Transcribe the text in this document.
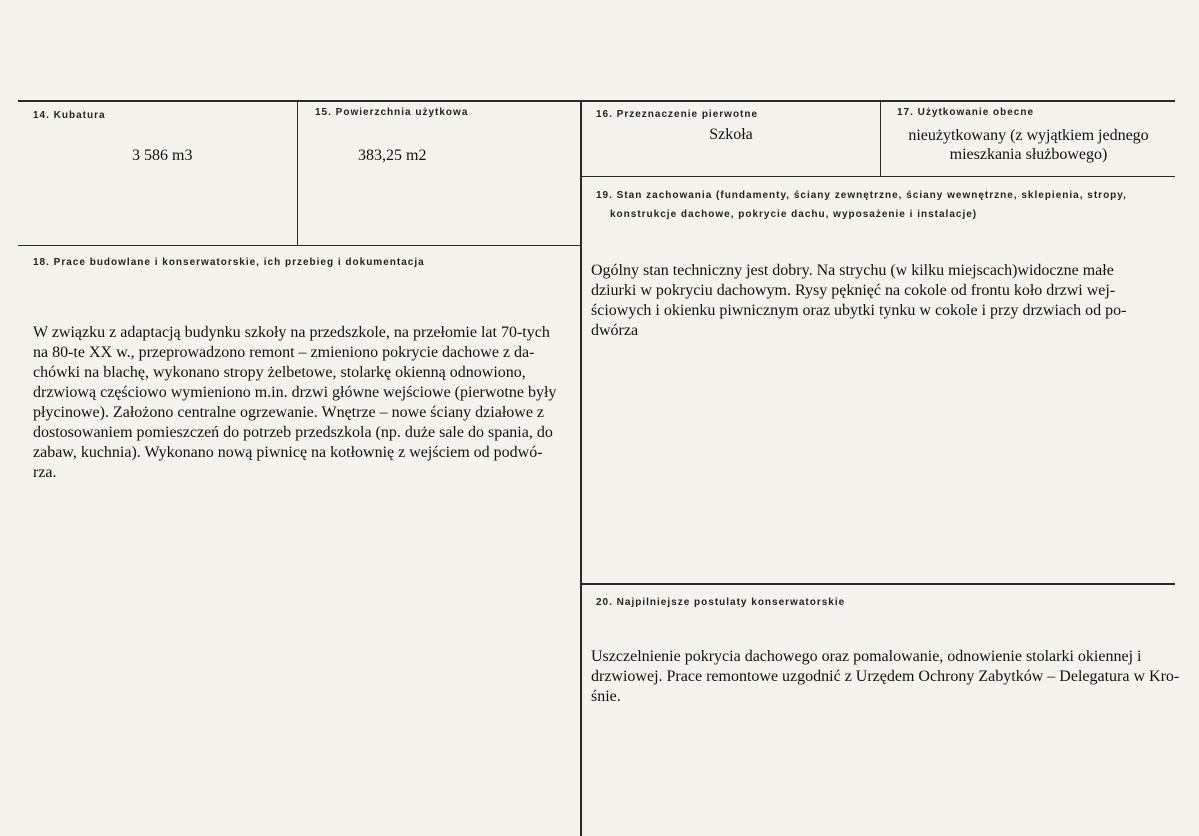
14. Kubatura
3 586 m3
15. Powierzchnia użytkowa
383,25 m2
16. Przeznaczenie pierwotne
Szkoła
17. Użytkowanie obecne
nieużytkowany (z wyjątkiem jednego
mieszkania służbowego)
19. Stan zachowania (fundamenty, ściany zewnętrzne, ściany wewnętrzne, sklepienia, stropy,
konstrukcje dachowe, pokrycie dachu, wyposażenie i instalacje)
18. Prace budowlane i konserwatorskie, ich przebieg i dokumentacja
W związku z adaptacją budynku szkoły na przedszkole, na przełomie lat 70-tych
na 80-te XX w., przeprowadzono remont – zmieniono pokrycie dachowe z da-
chówki na blachę, wykonano stropy żelbetowe, stolarkę okienną odnowiono,
drzwiową częściowo wymieniono m.in. drzwi główne wejściowe (pierwotne były
płycinowe). Założono centralne ogrzewanie. Wnętrze – nowe ściany działowe z
dostosowaniem pomieszczeń do potrzeb przedszkola (np. duże sale do spania, do
zabaw, kuchnia). Wykonano nową piwnicę na kotłownię z wejściem od podwó-
rza.
Ogólny stan techniczny jest dobry. Na strychu (w kilku miejscach)widoczne małe
dziurki w pokryciu dachowym. Rysy pęknięć na cokole od frontu koło drzwi wej-
ściowych i okienku piwnicznym oraz ubytki tynku w cokole i przy drzwiach od po-
dwórza
20. Najpilniejsze postulaty konserwatorskie
Uszczelnienie pokrycia dachowego oraz pomalowanie, odnowienie stolarki okiennej i
drzwiowej. Prace remontowe uzgodnić z Urzędem Ochrony Zabytków – Delegatura w Kro-
śnie.
